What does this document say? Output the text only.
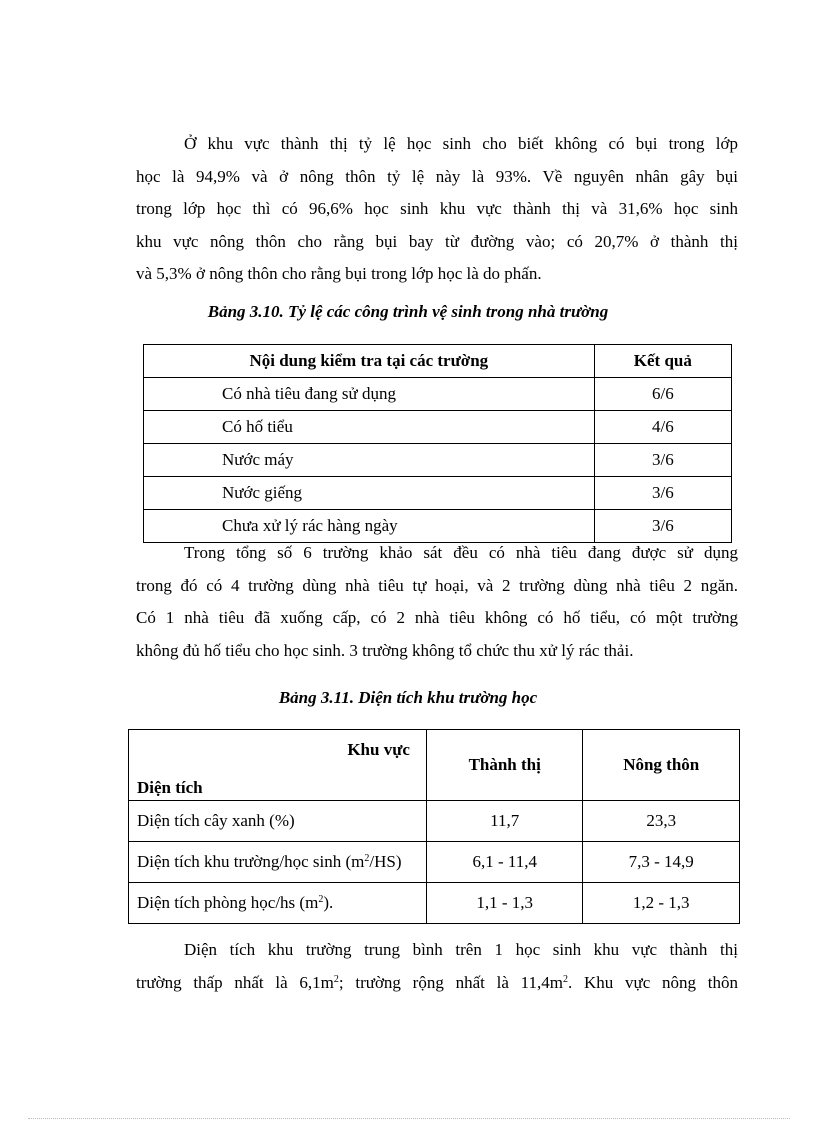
Ở khu vực thành thị tỷ lệ học sinh cho biết không có bụi trong lớp
học là 94,9% và ở nông thôn tỷ lệ này là 93%. Về nguyên nhân gây bụi
trong lớp học thì có 96,6% học sinh khu vực thành thị và 31,6% học sinh
khu vực nông thôn cho rằng bụi bay từ đường vào; có 20,7% ở thành thị
và 5,3% ở nông thôn cho rằng bụi trong lớp học là do phấn.

Bảng 3.10. Tỷ lệ các công trình vệ sinh trong nhà trường

Nội dung kiểm tra tại các trường	Kết quả
Có nhà tiêu đang sử dụng	6/6
Có hố tiểu	4/6
Nước máy	3/6
Nước giếng	3/6
Chưa xử lý rác hàng ngày	3/6
Trong tổng số 6 trường khảo sát đều có nhà tiêu đang được sử dụng
trong đó có 4 trường dùng nhà tiêu tự hoại, và 2 trường dùng nhà tiêu 2 ngăn.
Có 1 nhà tiêu đã xuống cấp, có 2 nhà tiêu không có hố tiểu, có một trường
không đủ hố tiểu cho học sinh. 3 trường không tổ chức thu xử lý rác thải.

Bảng 3.11. Diện tích khu trường học

Khu vực
Diện tích	Thành thị	Nông thôn
Diện tích cây xanh (%)	11,7	23,3
Diện tích khu trường/học $\sinh (m^2/HS)$	6,1 - 11,4	7,3 - 14,9
Diện tích phòng học/hs $(m^2)$.	1,1 - 1,3	1,2 - 1,3
Diện tích khu trường trung bình trên 1 học sinh khu vực thành thị
trường thấp nhất là $6,1m^2$; trường rộng nhất là $11,4m^2$. Khu vực nông thôn
